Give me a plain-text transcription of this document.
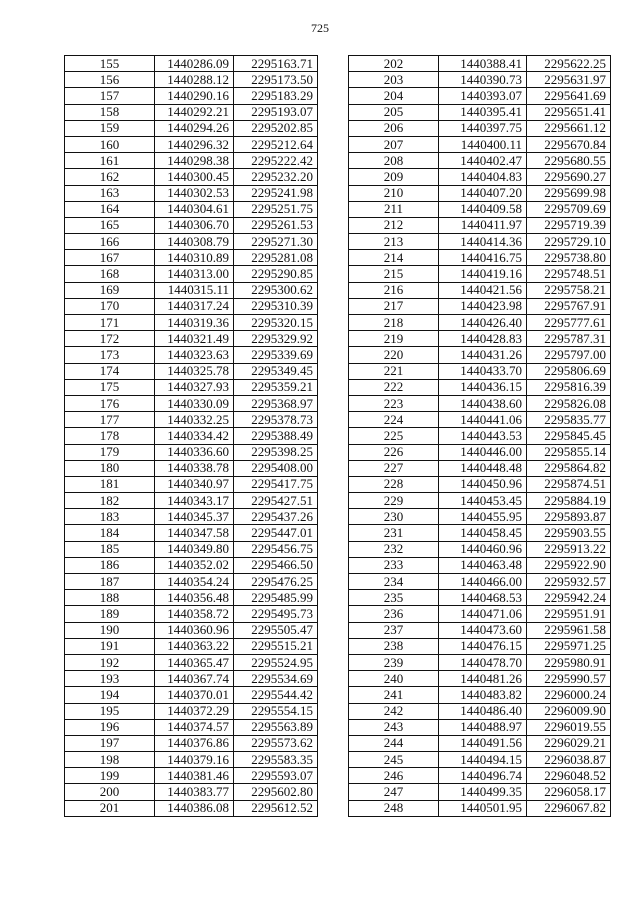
725
155	1440286.09	2295163.71
156	1440288.12	2295173.50
157	1440290.16	2295183.29
158	1440292.21	2295193.07
159	1440294.26	2295202.85
160	1440296.32	2295212.64
161	1440298.38	2295222.42
162	1440300.45	2295232.20
163	1440302.53	2295241.98
164	1440304.61	2295251.75
165	1440306.70	2295261.53
166	1440308.79	2295271.30
167	1440310.89	2295281.08
168	1440313.00	2295290.85
169	1440315.11	2295300.62
170	1440317.24	2295310.39
171	1440319.36	2295320.15
172	1440321.49	2295329.92
173	1440323.63	2295339.69
174	1440325.78	2295349.45
175	1440327.93	2295359.21
176	1440330.09	2295368.97
177	1440332.25	2295378.73
178	1440334.42	2295388.49
179	1440336.60	2295398.25
180	1440338.78	2295408.00
181	1440340.97	2295417.75
182	1440343.17	2295427.51
183	1440345.37	2295437.26
184	1440347.58	2295447.01
185	1440349.80	2295456.75
186	1440352.02	2295466.50
187	1440354.24	2295476.25
188	1440356.48	2295485.99
189	1440358.72	2295495.73
190	1440360.96	2295505.47
191	1440363.22	2295515.21
192	1440365.47	2295524.95
193	1440367.74	2295534.69
194	1440370.01	2295544.42
195	1440372.29	2295554.15
196	1440374.57	2295563.89
197	1440376.86	2295573.62
198	1440379.16	2295583.35
199	1440381.46	2295593.07
200	1440383.77	2295602.80
201	1440386.08	2295612.52
202	1440388.41	2295622.25
203	1440390.73	2295631.97
204	1440393.07	2295641.69
205	1440395.41	2295651.41
206	1440397.75	2295661.12
207	1440400.11	2295670.84
208	1440402.47	2295680.55
209	1440404.83	2295690.27
210	1440407.20	2295699.98
211	1440409.58	2295709.69
212	1440411.97	2295719.39
213	1440414.36	2295729.10
214	1440416.75	2295738.80
215	1440419.16	2295748.51
216	1440421.56	2295758.21
217	1440423.98	2295767.91
218	1440426.40	2295777.61
219	1440428.83	2295787.31
220	1440431.26	2295797.00
221	1440433.70	2295806.69
222	1440436.15	2295816.39
223	1440438.60	2295826.08
224	1440441.06	2295835.77
225	1440443.53	2295845.45
226	1440446.00	2295855.14
227	1440448.48	2295864.82
228	1440450.96	2295874.51
229	1440453.45	2295884.19
230	1440455.95	2295893.87
231	1440458.45	2295903.55
232	1440460.96	2295913.22
233	1440463.48	2295922.90
234	1440466.00	2295932.57
235	1440468.53	2295942.24
236	1440471.06	2295951.91
237	1440473.60	2295961.58
238	1440476.15	2295971.25
239	1440478.70	2295980.91
240	1440481.26	2295990.57
241	1440483.82	2296000.24
242	1440486.40	2296009.90
243	1440488.97	2296019.55
244	1440491.56	2296029.21
245	1440494.15	2296038.87
246	1440496.74	2296048.52
247	1440499.35	2296058.17
248	1440501.95	2296067.82
